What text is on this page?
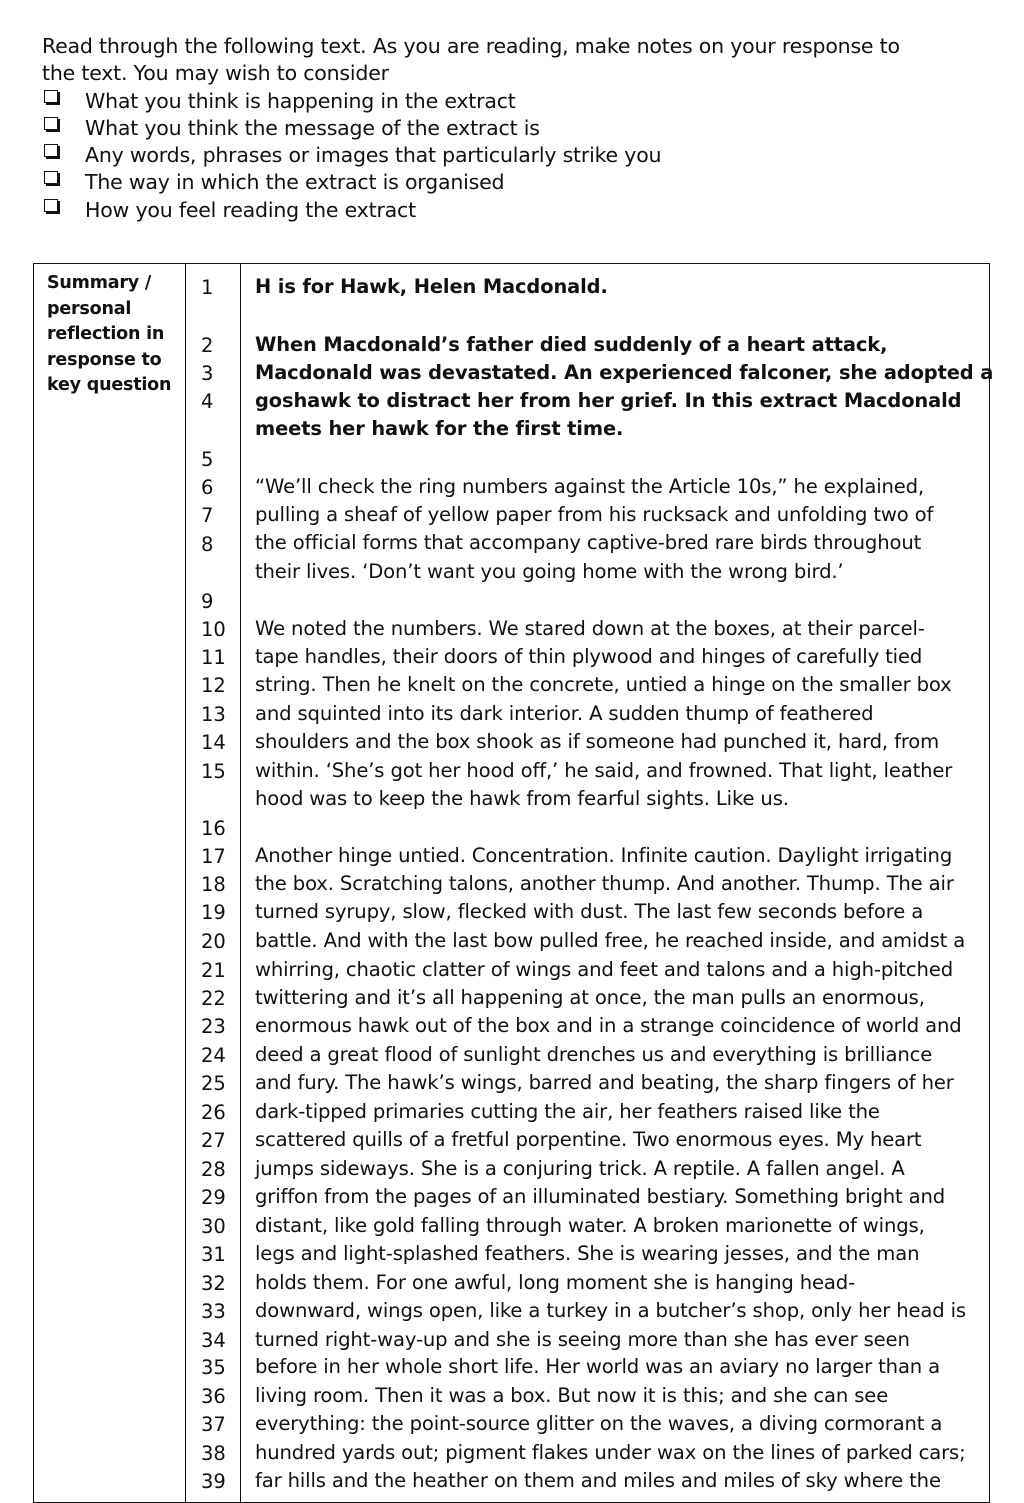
Read through the following text. As you are reading, make notes on your response to

the text. You may wish to consider

What you think is happening in the extract
What you think the message of the extract is
Any words, phrases or images that particularly strike you
The way in which the extract is organised
How you feel reading the extract
Summary /
personal
reflection in
response to
key question
1
2
3
4
5
6
7
8
9
10
11
12
13
14
15
16
17
18
19
20
21
22
23
24
25
26
27
28
29
30
31
32
33
34
35
36
37
38
39
H is for Hawk, Helen Macdonald.
When Macdonald’s father died suddenly of a heart attack,
Macdonald was devastated. An experienced falconer, she adopted a
goshawk to distract her from her grief. In this extract Macdonald
meets her hawk for the first time.
“We’ll check the ring numbers against the Article 10s,” he explained,
pulling a sheaf of yellow paper from his rucksack and unfolding two of
the official forms that accompany captive-bred rare birds throughout
their lives. ‘Don’t want you going home with the wrong bird.’
We noted the numbers. We stared down at the boxes, at their parcel-
tape handles, their doors of thin plywood and hinges of carefully tied
string. Then he knelt on the concrete, untied a hinge on the smaller box
and squinted into its dark interior. A sudden thump of feathered
shoulders and the box shook as if someone had punched it, hard, from
within. ‘She’s got her hood off,’ he said, and frowned. That light, leather
hood was to keep the hawk from fearful sights. Like us.
Another hinge untied. Concentration. Infinite caution. Daylight irrigating
the box. Scratching talons, another thump. And another. Thump. The air
turned syrupy, slow, flecked with dust. The last few seconds before a
battle. And with the last bow pulled free, he reached inside, and amidst a
whirring, chaotic clatter of wings and feet and talons and a high-pitched
twittering and it’s all happening at once, the man pulls an enormous,
enormous hawk out of the box and in a strange coincidence of world and
deed a great flood of sunlight drenches us and everything is brilliance
and fury. The hawk’s wings, barred and beating, the sharp fingers of her
dark-tipped primaries cutting the air, her feathers raised like the
scattered quills of a fretful porpentine. Two enormous eyes. My heart
jumps sideways. She is a conjuring trick. A reptile. A fallen angel. A
griffon from the pages of an illuminated bestiary. Something bright and
distant, like gold falling through water. A broken marionette of wings,
legs and light-splashed feathers. She is wearing jesses, and the man
holds them. For one awful, long moment she is hanging head-
downward, wings open, like a turkey in a butcher’s shop, only her head is
turned right-way-up and she is seeing more than she has ever seen
before in her whole short life. Her world was an aviary no larger than a
living room. Then it was a box. But now it is this; and she can see
everything: the point-source glitter on the waves, a diving cormorant a
hundred yards out; pigment flakes under wax on the lines of parked cars;
far hills and the heather on them and miles and miles of sky where the
